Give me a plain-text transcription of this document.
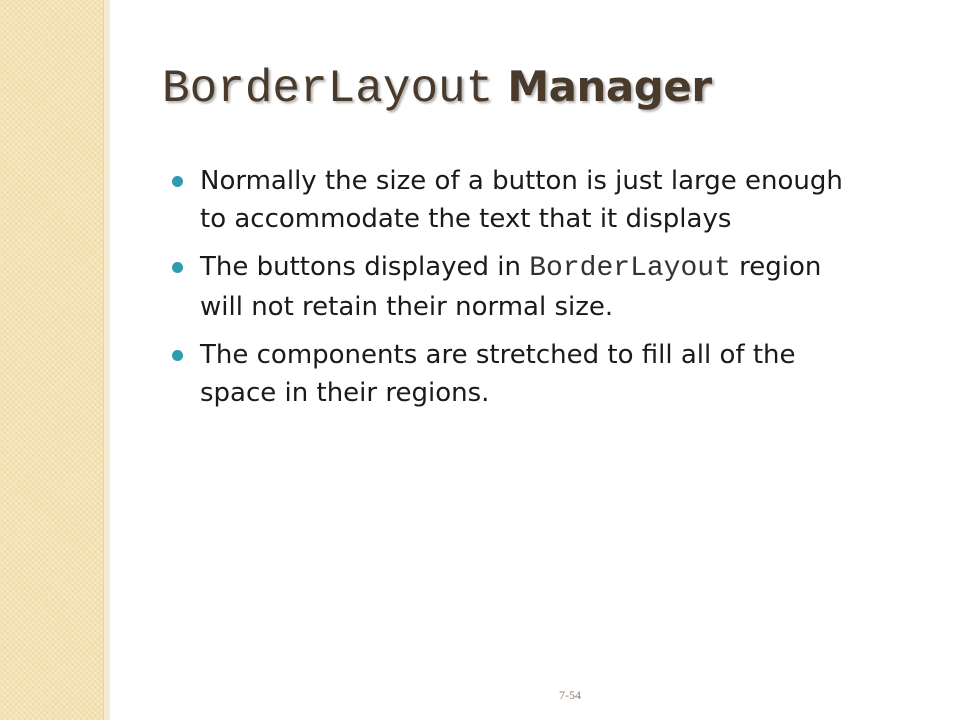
BorderLayout Manager
Normally the size of a button is just large enough to accommodate the text that it displays
The buttons displayed in BorderLayout region will not retain their normal size.
The components are stretched to fill all of the space in their regions.
7-54
